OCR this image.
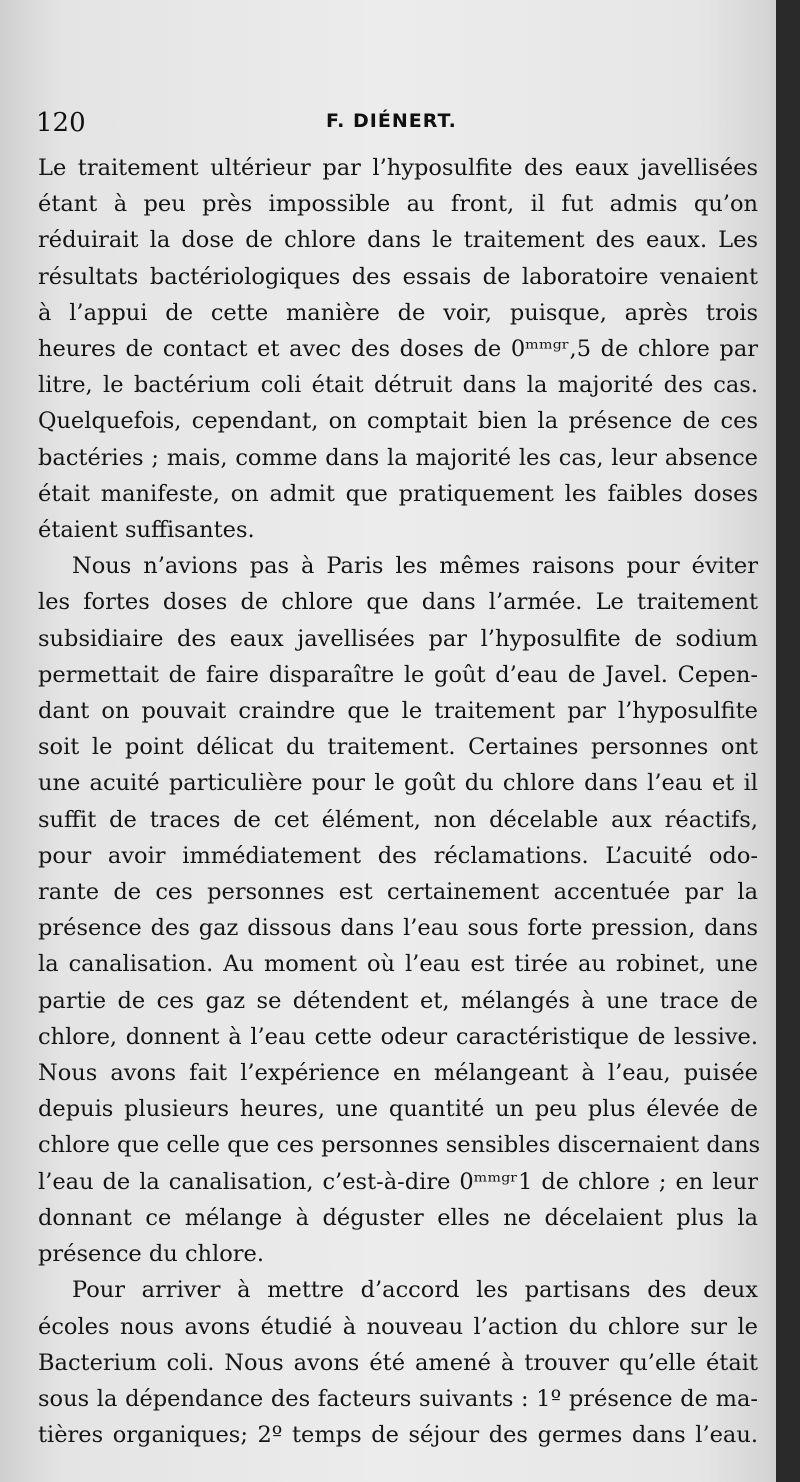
120	F. DIÉNERT.

Le traitement ultérieur par l’hyposulfite des eaux javellisées
étant à peu près impossible au front, il fut admis qu’on
réduirait la dose de chlore dans le traitement des eaux. Les
résultats bactériologiques des essais de laboratoire venaient
à l’appui de cette manière de voir, puisque, après trois
heures de contact et avec des doses de 0ᵐᵐᵍʳ,5 de chlore par
litre, le bactérium coli était détruit dans la majorité des cas.
Quelquefois, cependant, on comptait bien la présence de ces
bactéries ; mais, comme dans la majorité les cas, leur absence
était manifeste, on admit que pratiquement les faibles doses
étaient suffisantes.

Nous n’avions pas à Paris les mêmes raisons pour éviter
les fortes doses de chlore que dans l’armée. Le traitement
subsidiaire des eaux javellisées par l’hyposulfite de sodium
permettait de faire disparaître le goût d’eau de Javel. Cepen-
dant on pouvait craindre que le traitement par l’hyposulfite
soit le point délicat du traitement. Certaines personnes ont
une acuité particulière pour le goût du chlore dans l’eau et il
suffit de traces de cet élément, non décelable aux réactifs,
pour avoir immédiatement des réclamations. L’acuité odo-
rante de ces personnes est certainement accentuée par la
présence des gaz dissous dans l’eau sous forte pression, dans
la canalisation. Au moment où l’eau est tirée au robinet, une
partie de ces gaz se détendent et, mélangés à une trace de
chlore, donnent à l’eau cette odeur caractéristique de lessive.
Nous avons fait l’expérience en mélangeant à l’eau, puisée
depuis plusieurs heures, une quantité un peu plus élevée de
chlore que celle que ces personnes sensibles discernaient dans
l’eau de la canalisation, c’est-à-dire 0ᵐᵐᵍʳ1 de chlore ; en leur
donnant ce mélange à déguster elles ne décelaient plus la
présence du chlore.

Pour arriver à mettre d’accord les partisans des deux
écoles nous avons étudié à nouveau l’action du chlore sur le
Bacterium coli. Nous avons été amené à trouver qu’elle était
sous la dépendance des facteurs suivants : 1º présence de ma-
tières organiques; 2º temps de séjour des germes dans l’eau.
